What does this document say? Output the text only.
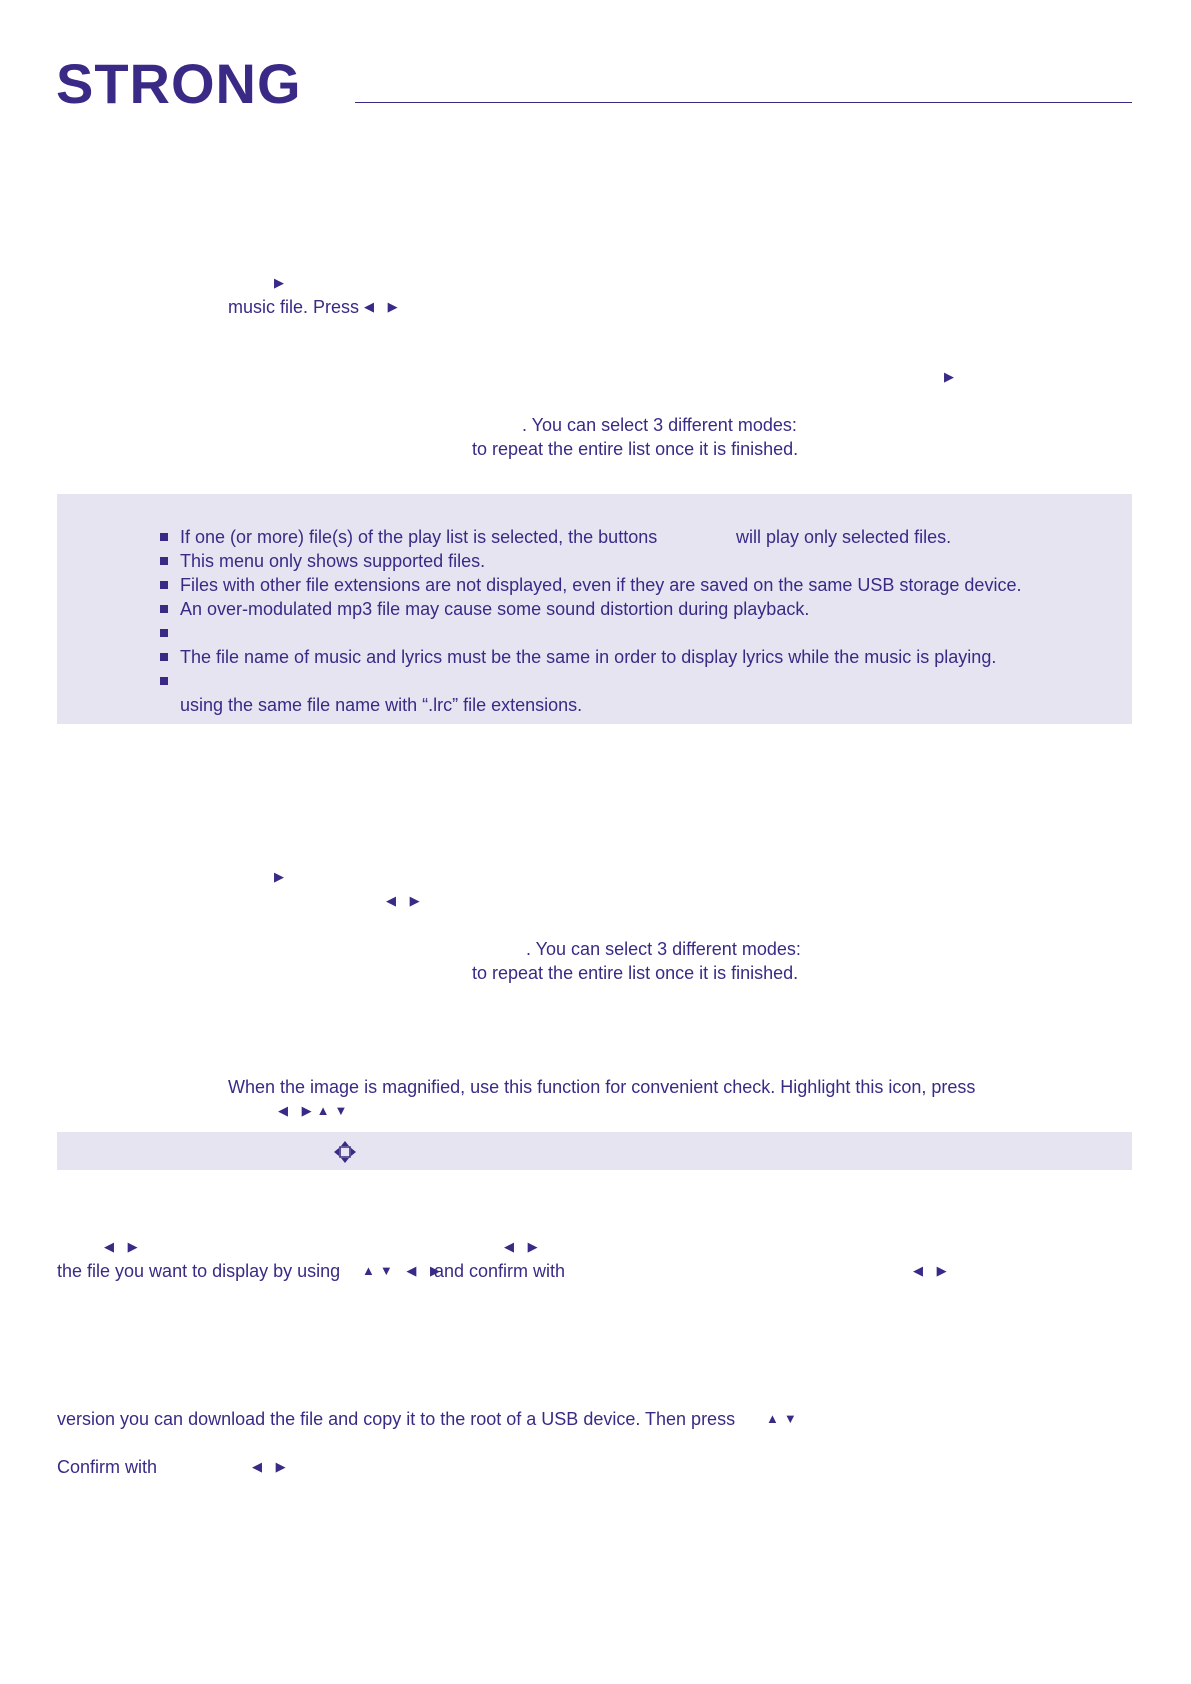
STRONG
▶
music file. Press ◀ ▶
▶
. You can select 3 different modes:
to repeat the entire list once it is finished.
If one (or more) file(s) of the play list is selected, the buttons	will play only selected files.
This menu only shows supported files.
Files with other file extensions are not displayed, even if they are saved on the same USB storage device.
An over-modulated mp3 file may cause some sound distortion during playback.
The file name of music and lyrics must be the same in order to display lyrics while the music is playing.
using the same file name with “.lrc” file extensions.
▶
◀ ▶
. You can select 3 different modes:
to repeat the entire list once it is finished.
When the image is magnified, use this function for convenient check. Highlight this icon, press
◀ ▶▲▼
◀ ▶	◀ ▶
the file you want to display by using ▲▼ ◀ ▶
and confirm with	◀ ▶
version you can download the file and copy it to the root of a USB device. Then press ▲▼
Confirm with	◀ ▶
